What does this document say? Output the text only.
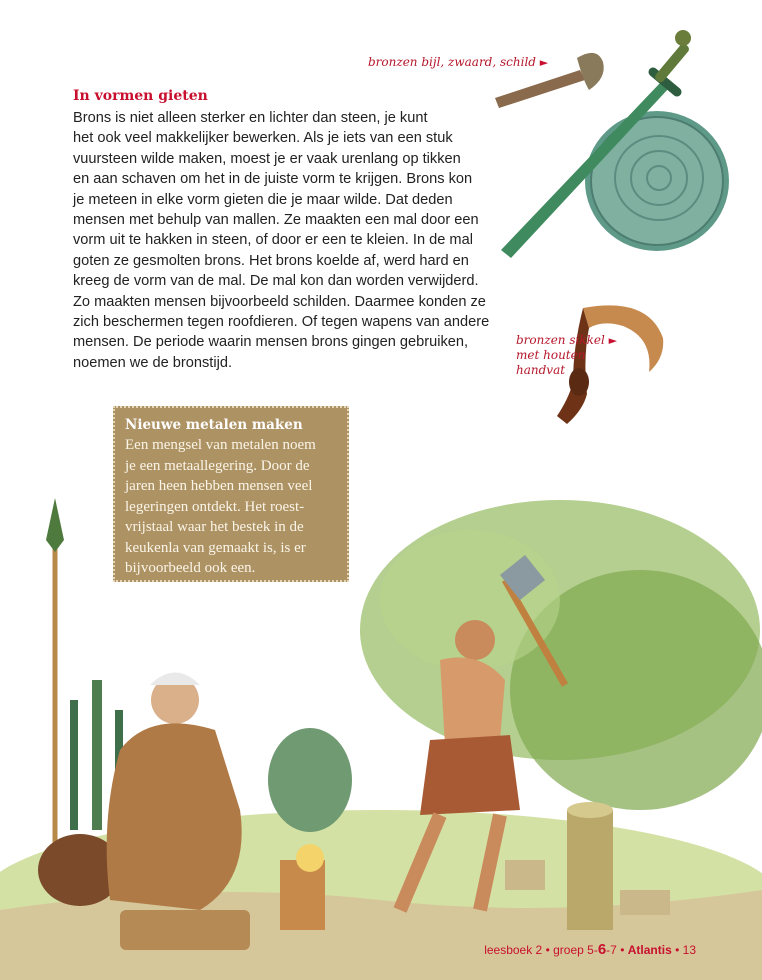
bronzen bijl, zwaard, schild ►
bronzen sikkel ►
met houten
handvat
In vormen gieten
Brons is niet alleen sterker en lichter dan steen, je kunt
het ook veel makkelijker bewerken. Als je iets van een stuk
vuursteen wilde maken, moest je er vaak urenlang op tikken
en aan schaven om het in de juiste vorm te krijgen. Brons kon
je meteen in elke vorm gieten die je maar wilde. Dat deden
mensen met behulp van mallen. Ze maakten een mal door een
vorm uit te hakken in steen, of door er een te kleien. In de mal
goten ze gesmolten brons. Het brons koelde af, werd hard en
kreeg de vorm van de mal. De mal kon dan worden verwijderd.
Zo maakten mensen bijvoorbeeld schilden. Daarmee konden ze
zich beschermen tegen roofdieren. Of tegen wapens van andere
mensen. De periode waarin mensen brons gingen gebruiken,
noemen we de bronstijd.
Nieuwe metalen maken
Een mengsel van metalen noem
je een metaallegering. Door de
jaren heen hebben mensen veel
legeringen ontdekt. Het roest-
vrijstaal waar het bestek in de
keukenla van gemaakt is, is er
bijvoorbeeld ook een.
leesboek 2 • groep 5-6-7 • Atlantis • 13
